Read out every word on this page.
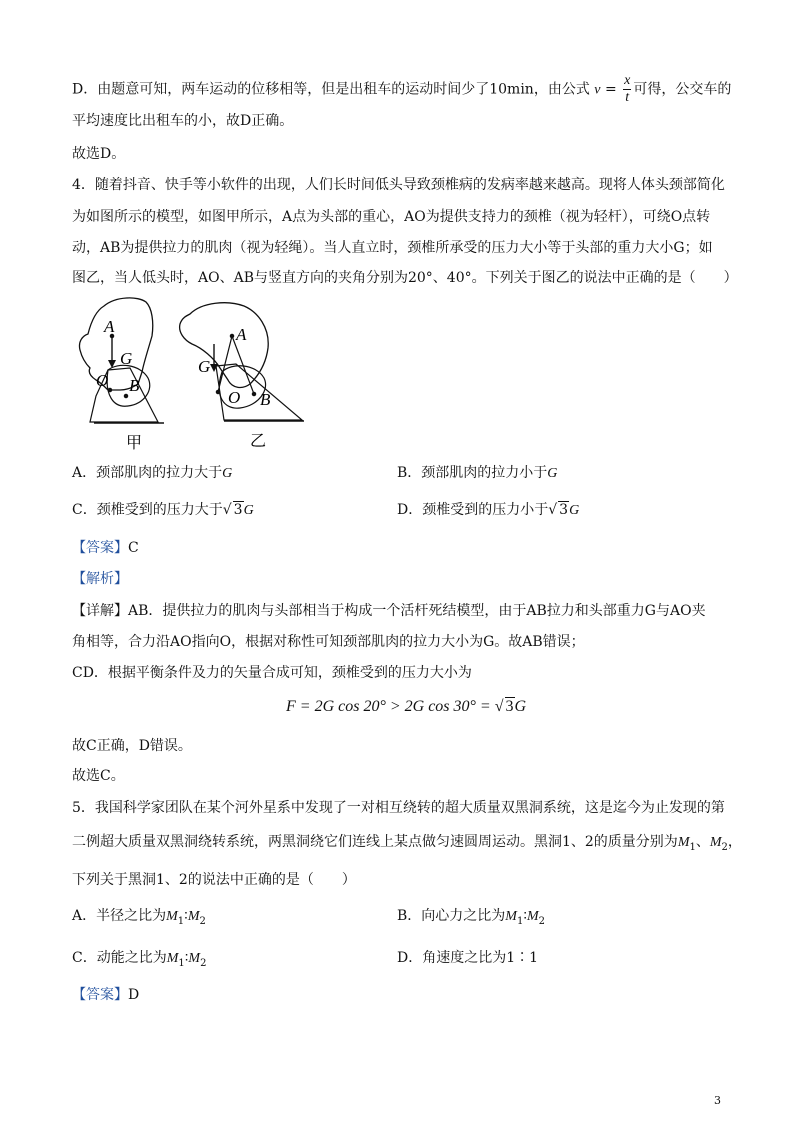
D．由题意可知，两车运动的位移相等，但是出租车的运动时间少了10min，由公式 $v = \frac{x}{t}$ 可得，公交车的
平均速度比出租车的小，故D正确。
故选D。
4．随着抖音、快手等小软件的出现，人们长时间低头导致颈椎病的发病率越来越高。现将人体头颈部简化
为如图所示的模型，如图甲所示，A点为头部的重心，AO为提供支持力的颈椎（视为轻杆），可绕O点转
动，AB为提供拉力的肌肉（视为轻绳）。当人直立时，颈椎所承受的压力大小等于头部的重力大小G；如
图乙，当人低头时，AO、AB与竖直方向的夹角分别为20°、40°。下列关于图乙的说法中正确的是（　　）
A
G
O B
甲
A
G
O B
乙
A．颈部肌肉的拉力大于G	B．颈部肌肉的拉力小于G
C．颈椎受到的压力大于√ 3G	D．颈椎受到的压力小于√ 3G
【答案】C
【解析】
【详解】AB．提供拉力的肌肉与头部相当于构成一个活杆死结模型，由于AB拉力和头部重力G与AO夹
角相等，合力沿AO指向O，根据对称性可知颈部肌肉的拉力大小为G。故AB错误；
CD．根据平衡条件及力的矢量合成可知，颈椎受到的压力大小为
F = 2G cos 20° > 2G cos 30° = √ 3G
故C正确，D错误。
故选C。
5．我国科学家团队在某个河外星系中发现了一对相互绕转的超大质量双黑洞系统，这是迄今为止发现的第
二例超大质量双黑洞绕转系统，两黑洞绕它们连线上某点做匀速圆周运动。黑洞1、2的质量分别为$M_1$、$M_2$，
下列关于黑洞1、2的说法中正确的是（　　）
A．半径之比为$M_1∶M_2$	B．向心力之比为$M_1∶M_2$
C．动能之比为$M_1∶M_2$	D．角速度之比为1∶1
【答案】D
3
